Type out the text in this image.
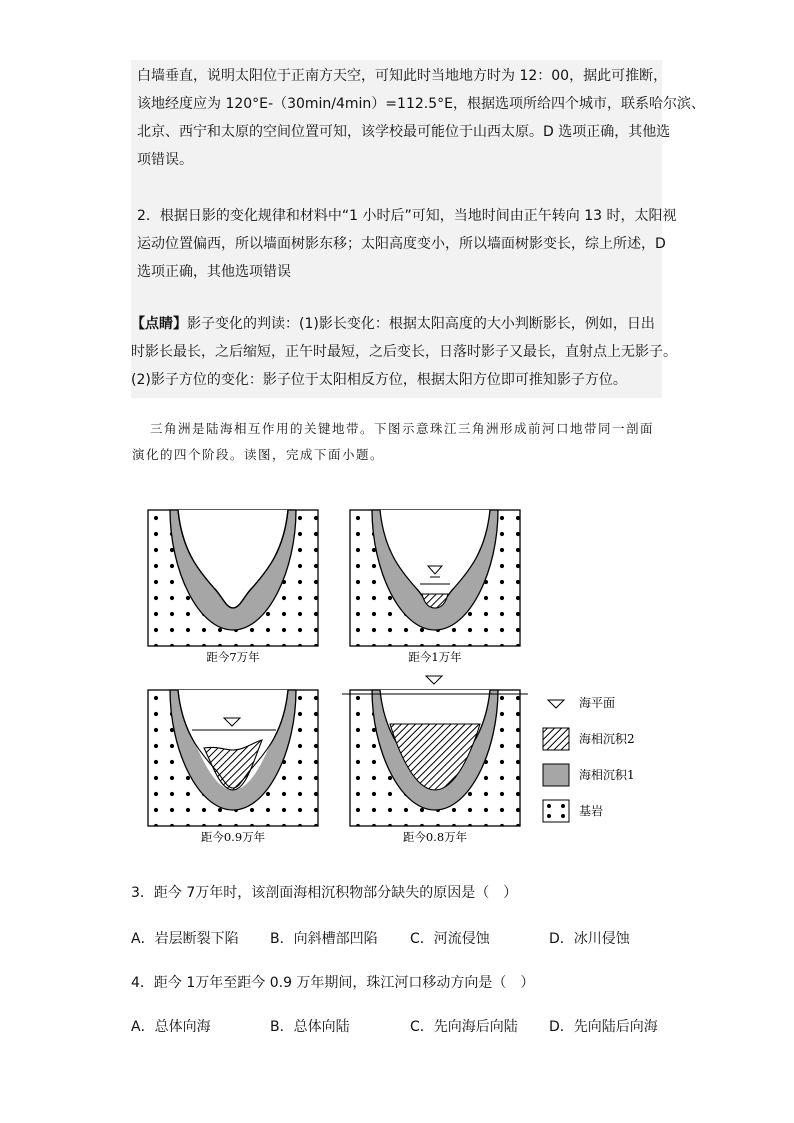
白墙垂直，说明太阳位于正南方天空，可知此时当地地方时为 12：00，据此可推断，
该地经度应为 120°E-（30min/4min）=112.5°E，根据选项所给四个城市，联系哈尔滨、
北京、西宁和太原的空间位置可知，该学校最可能位于山西太原。D 选项正确，其他选
项错误。
2．根据日影的变化规律和材料中“1 小时后”可知，当地时间由正午转向 13 时，太阳视
运动位置偏西，所以墙面树影东移；太阳高度变小，所以墙面树影变长，综上所述，D
选项正确，其他选项错误
【点睛】影子变化的判读：(1)影长变化：根据太阳高度的大小判断影长，例如，日出
时影长最长，之后缩短，正午时最短，之后变长，日落时影子又最长，直射点上无影子。
(2)影子方位的变化：影子位于太阳相反方位，根据太阳方位即可推知影子方位。
三角洲是陆海相互作用的关键地带。下图示意珠江三角洲形成前河口地带同一剖面
演化的四个阶段。读图，完成下面小题。
距今7万年	距今1万年
距今0.9万年	距今0.8万年
海平面
海相沉积2
海相沉积1
基岩
3．距今 7万年时，该剖面海相沉积物部分缺失的原因是（　）
A．岩层断裂下陷 B．向斜槽部凹陷 C．河流侵蚀	D．冰川侵蚀
4．距今 1万年至距今 0.9 万年期间，珠江河口移动方向是（　）
A．总体向海	B．总体向陆	C．先向海后向陆 D．先向陆后向海
